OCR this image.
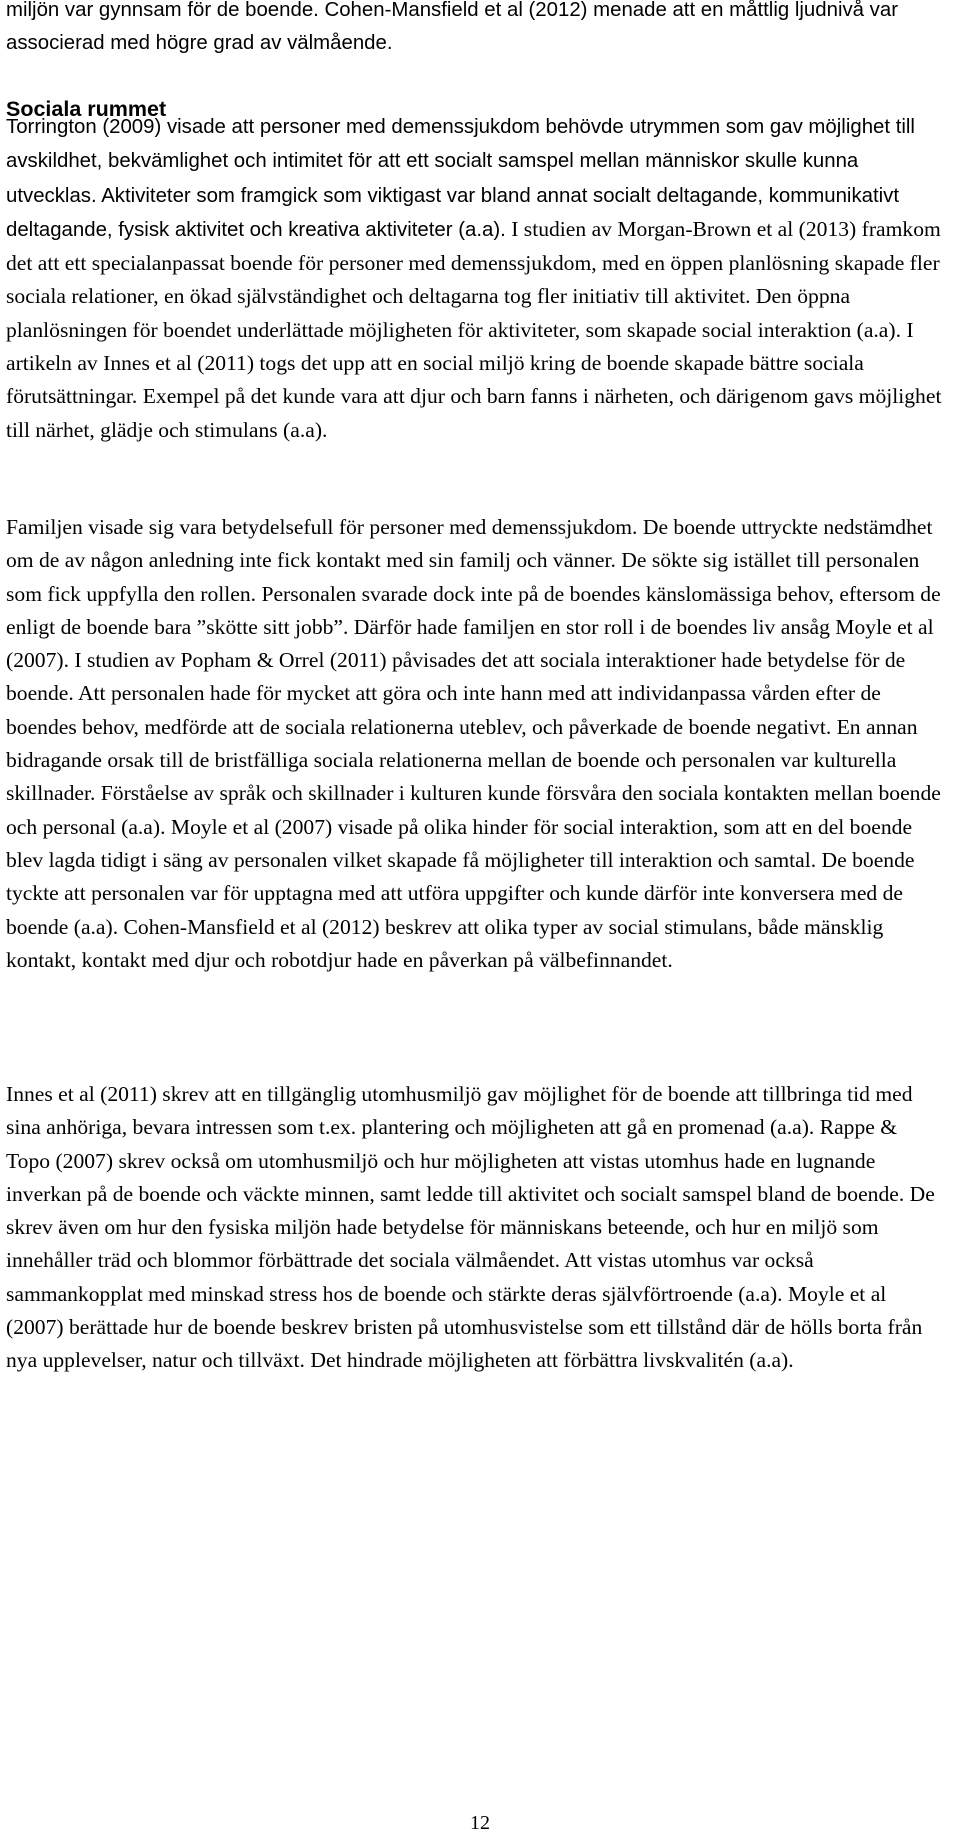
miljön var gynnsam för de boende. Cohen-Mansfield et al (2012) menade att en måttlig ljudnivå var associerad med högre grad av välmående.

Sociala rummet

Torrington (2009) visade att personer med demenssjukdom behövde utrymmen som gav möjlighet till avskildhet, bekvämlighet och intimitet för att ett socialt samspel mellan människor skulle kunna utvecklas. Aktiviteter som framgick som viktigast var bland annat socialt deltagande, kommunikativt deltagande, fysisk aktivitet och kreativa aktiviteter (a.a). I studien av Morgan-Brown et al (2013) framkom det att ett specialanpassat boende för personer med demenssjukdom, med en öppen planlösning skapade fler sociala relationer, en ökad självständighet och deltagarna tog fler initiativ till aktivitet. Den öppna planlösningen för boendet underlättade möjligheten för aktiviteter, som skapade social interaktion (a.a). I artikeln av Innes et al (2011) togs det upp att en social miljö kring de boende skapade bättre sociala förutsättningar. Exempel på det kunde vara att djur och barn fanns i närheten, och därigenom gavs möjlighet till närhet, glädje och stimulans (a.a).

Familjen visade sig vara betydelsefull för personer med demenssjukdom. De boende uttryckte nedstämdhet om de av någon anledning inte fick kontakt med sin familj och vänner. De sökte sig istället till personalen som fick uppfylla den rollen. Personalen svarade dock inte på de boendes känslomässiga behov, eftersom de enligt de boende bara ”skötte sitt jobb”. Därför hade familjen en stor roll i de boendes liv ansåg Moyle et al (2007). I studien av Popham & Orrel (2011) påvisades det att sociala interaktioner hade betydelse för de boende. Att personalen hade för mycket att göra och inte hann med att individanpassa vården efter de boendes behov, medförde att de sociala relationerna uteblev, och påverkade de boende negativt. En annan bidragande orsak till de bristfälliga sociala relationerna mellan de boende och personalen var kulturella skillnader. Förståelse av språk och skillnader i kulturen kunde försvåra den sociala kontakten mellan boende och personal (a.a). Moyle et al (2007) visade på olika hinder för social interaktion, som att en del boende blev lagda tidigt i säng av personalen vilket skapade få möjligheter till interaktion och samtal. De boende tyckte att personalen var för upptagna med att utföra uppgifter och kunde därför inte konversera med de boende (a.a). Cohen-Mansfield et al (2012) beskrev att olika typer av social stimulans, både mänsklig kontakt, kontakt med djur och robotdjur hade en påverkan på välbefinnandet.

Innes et al (2011) skrev att en tillgänglig utomhusmiljö gav möjlighet för de boende att tillbringa tid med sina anhöriga, bevara intressen som t.ex. plantering och möjligheten att gå en promenad (a.a). Rappe & Topo (2007) skrev också om utomhusmiljö och hur möjligheten att vistas utomhus hade en lugnande inverkan på de boende och väckte minnen, samt ledde till aktivitet och socialt samspel bland de boende. De skrev även om hur den fysiska miljön hade betydelse för människans beteende, och hur en miljö som innehåller träd och blommor förbättrade det sociala välmåendet. Att vistas utomhus var också sammankopplat med minskad stress hos de boende och stärkte deras självförtroende (a.a). Moyle et al (2007) berättade hur de boende beskrev bristen på utomhusvistelse som ett tillstånd där de hölls borta från nya upplevelser, natur och tillväxt. Det hindrade möjligheten att förbättra livskvalitén (a.a).

12
